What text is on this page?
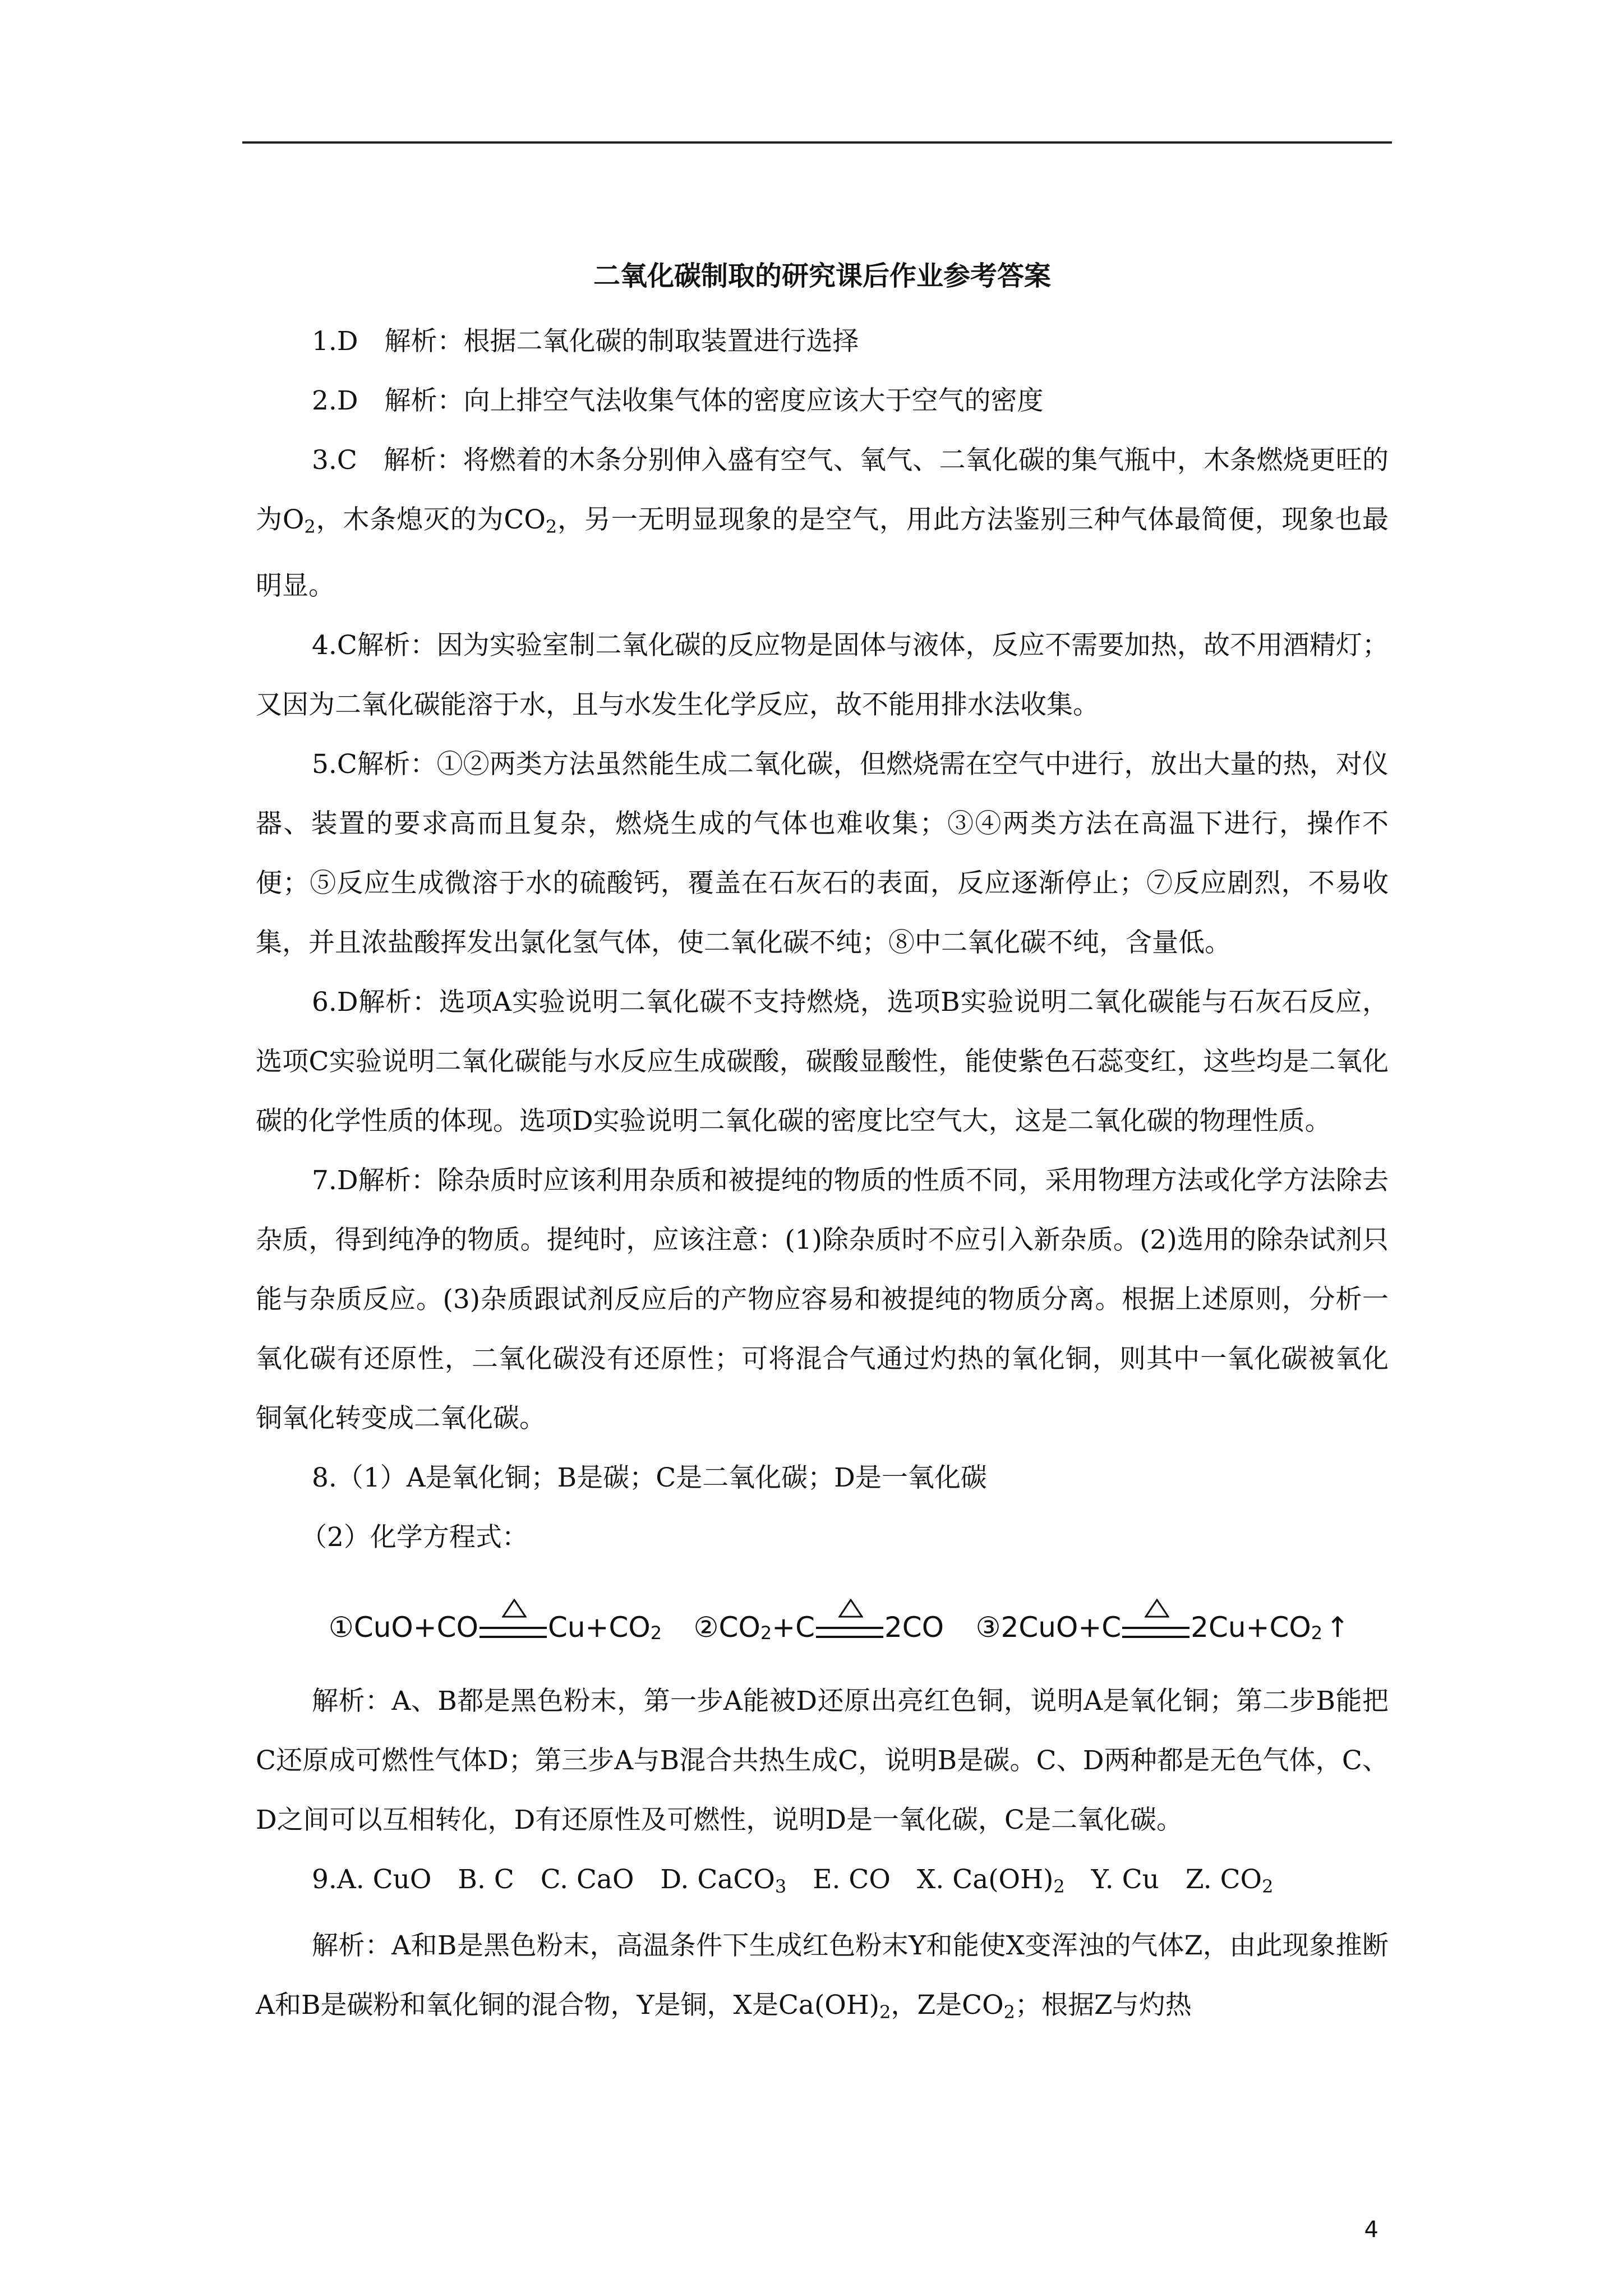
二氧化碳制取的研究课后作业参考答案

1.D　解析：根据二氧化碳的制取装置进行选择

2.D　解析：向上排空气法收集气体的密度应该大于空气的密度

3.C　解析：将燃着的木条分别伸入盛有空气、氧气、二氧化碳的集气瓶中，木条燃烧更旺的为$O_2$，木条熄灭的为$CO_2$，另一无明显现象的是空气，用此方法鉴别三种气体最简便，现象也最明显。

4.C解析：因为实验室制二氧化碳的反应物是固体与液体，反应不需要加热，故不用酒精灯；又因为二氧化碳能溶于水，且与水发生化学反应，故不能用排水法收集。

5.C解析：①②两类方法虽然能生成二氧化碳，但燃烧需在空气中进行，放出大量的热，对仪器、装置的要求高而且复杂，燃烧生成的气体也难收集；③④两类方法在高温下进行，操作不便；⑤反应生成微溶于水的硫酸钙，覆盖在石灰石的表面，反应逐渐停止；⑦反应剧烈，不易收集，并且浓盐酸挥发出氯化氢气体，使二氧化碳不纯；⑧中二氧化碳不纯，含量低。

6.D解析：选项A实验说明二氧化碳不支持燃烧，选项B实验说明二氧化碳能与石灰石反应，选项C实验说明二氧化碳能与水反应生成碳酸，碳酸显酸性，能使紫色石蕊变红，这些均是二氧化碳的化学性质的体现。选项D实验说明二氧化碳的密度比空气大，这是二氧化碳的物理性质。

7.D解析：除杂质时应该利用杂质和被提纯的物质的性质不同，采用物理方法或化学方法除去杂质，得到纯净的物质。提纯时，应该注意：(1)除杂质时不应引入新杂质。(2)选用的除杂试剂只能与杂质反应。(3)杂质跟试剂反应后的产物应容易和被提纯的物质分离。根据上述原则，分析一氧化碳有还原性，二氧化碳没有还原性；可将混合气通过灼热的氧化铜，则其中一氧化碳被氧化铜氧化转变成二氧化碳。

8.（1）A是氧化铜；B是碳；C是二氧化碳；D是一氧化碳

（2）化学方程式：

①CuO+CO Cu+CO 2 ②CO 2 +C 2CO ③2CuO+C 2Cu+CO 2 ↑

解析：A、B都是黑色粉末，第一步A能被D还原出亮红色铜，说明A是氧化铜；第二步B能把C还原成可燃性气体D；第三步A与B混合共热生成C，说明B是碳。C、D两种都是无色气体，C、D之间可以互相转化，D有还原性及可燃性，说明D是一氧化碳，C是二氧化碳。

9.A. CuO　B. C　C. CaO　D. CaCO$_3$　E. CO　X. $Ca(OH)_2$　Y. Cu　Z. $CO_2$

解析：A和B是黑色粉末，高温条件下生成红色粉末Y和能使X变浑浊的气体Z，由此现象推断A和B是碳粉和氧化铜的混合物，Y是铜，X是$Ca(OH)_2$，Z是$CO_2$；根据Z与灼热

4
